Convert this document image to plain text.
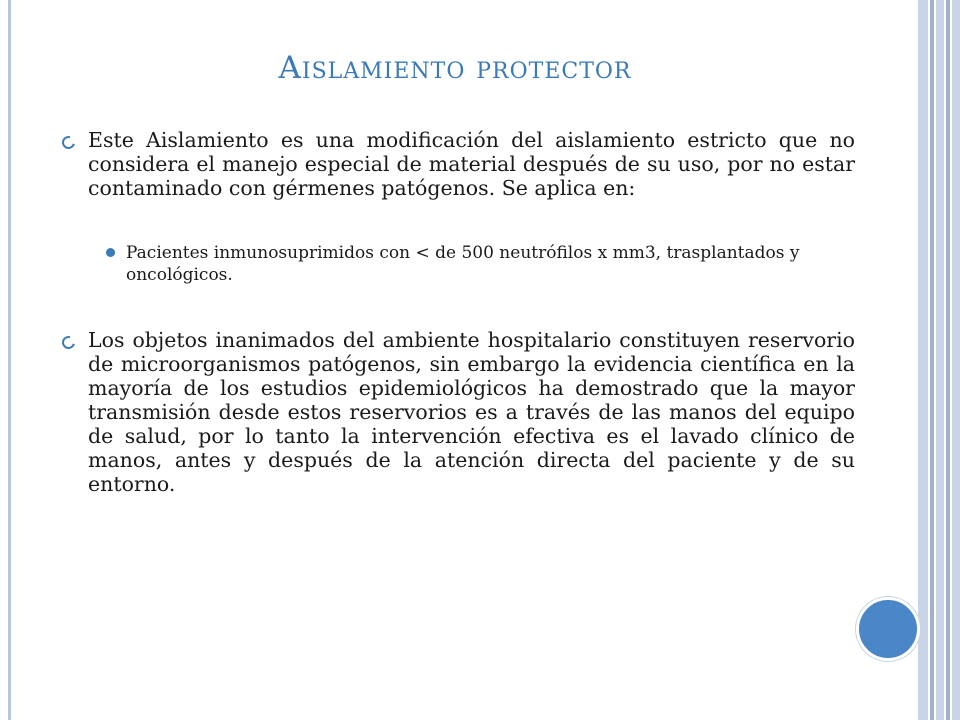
Aislamiento protector
Este Aislamiento es una modificación del aislamiento estricto que no considera el manejo especial de material después de su uso, por no estar contaminado con gérmenes patógenos. Se aplica en:
Pacientes inmunosuprimidos con < de 500 neutrófilos x mm3, trasplantados y oncológicos.
Los objetos inanimados del ambiente hospitalario constituyen reservorio de microorganismos patógenos, sin embargo la evidencia científica en la mayoría de los estudios epidemiológicos ha demostrado que la mayor transmisión desde estos reservorios es a través de las manos del equipo de salud, por lo tanto la intervención efectiva es el lavado clínico de manos, antes y después de la atención directa del paciente y de su entorno.
